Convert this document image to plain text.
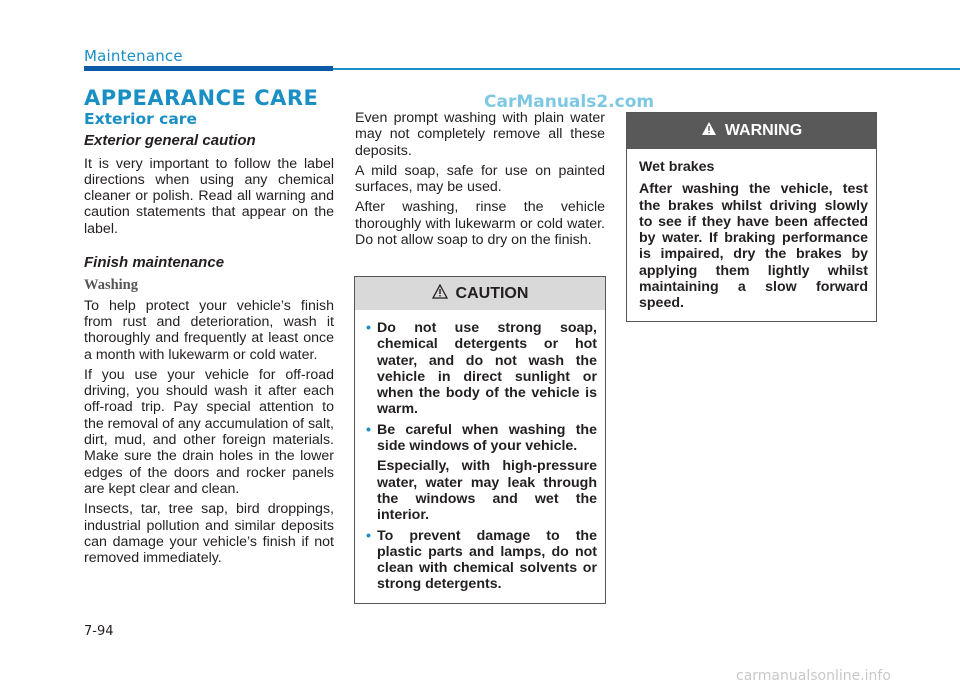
Maintenance
CarManuals2.com
APPEARANCE CARE
Exterior care
Exterior general caution

It is very important to follow the label directions when using any chemical cleaner or polish. Read all warning and caution statements that appear on the label.

Finish maintenance
Washing

To help protect your vehicle’s finish from rust and deterioration, wash it thoroughly and frequently at least once a month with lukewarm or cold water.

If you use your vehicle for off-road driving, you should wash it after each off-road trip. Pay special attention to the removal of any accumulation of salt, dirt, mud, and other foreign materials. Make sure the drain holes in the lower edges of the doors and rocker panels are kept clear and clean.

Insects, tar, tree sap, bird droppings, industrial pollution and similar deposits can damage your vehicle’s finish if not removed immediately.

Even prompt washing with plain water may not completely remove all these deposits.

A mild soap, safe for use on painted surfaces, may be used.

After washing, rinse the vehicle thoroughly with lukewarm or cold water. Do not allow soap to dry on the finish.

CAUTION
• Do not use strong soap, chemical detergents or hot water, and do not wash the vehicle in direct sunlight or when the body of the vehicle is warm.
• Be careful when washing the side windows of your vehicle.
Especially, with high-pressure water, water may leak through the windows and wet the interior.
• To prevent damage to the plastic parts and lamps, do not clean with chemical solvents or strong detergents.
WARNING

Wet brakes

After washing the vehicle, test the brakes whilst driving slowly to see if they have been affected by water. If braking performance is impaired, dry the brakes by applying them lightly whilst maintaining a slow forward speed.

7-94
carmanualsonline.info
